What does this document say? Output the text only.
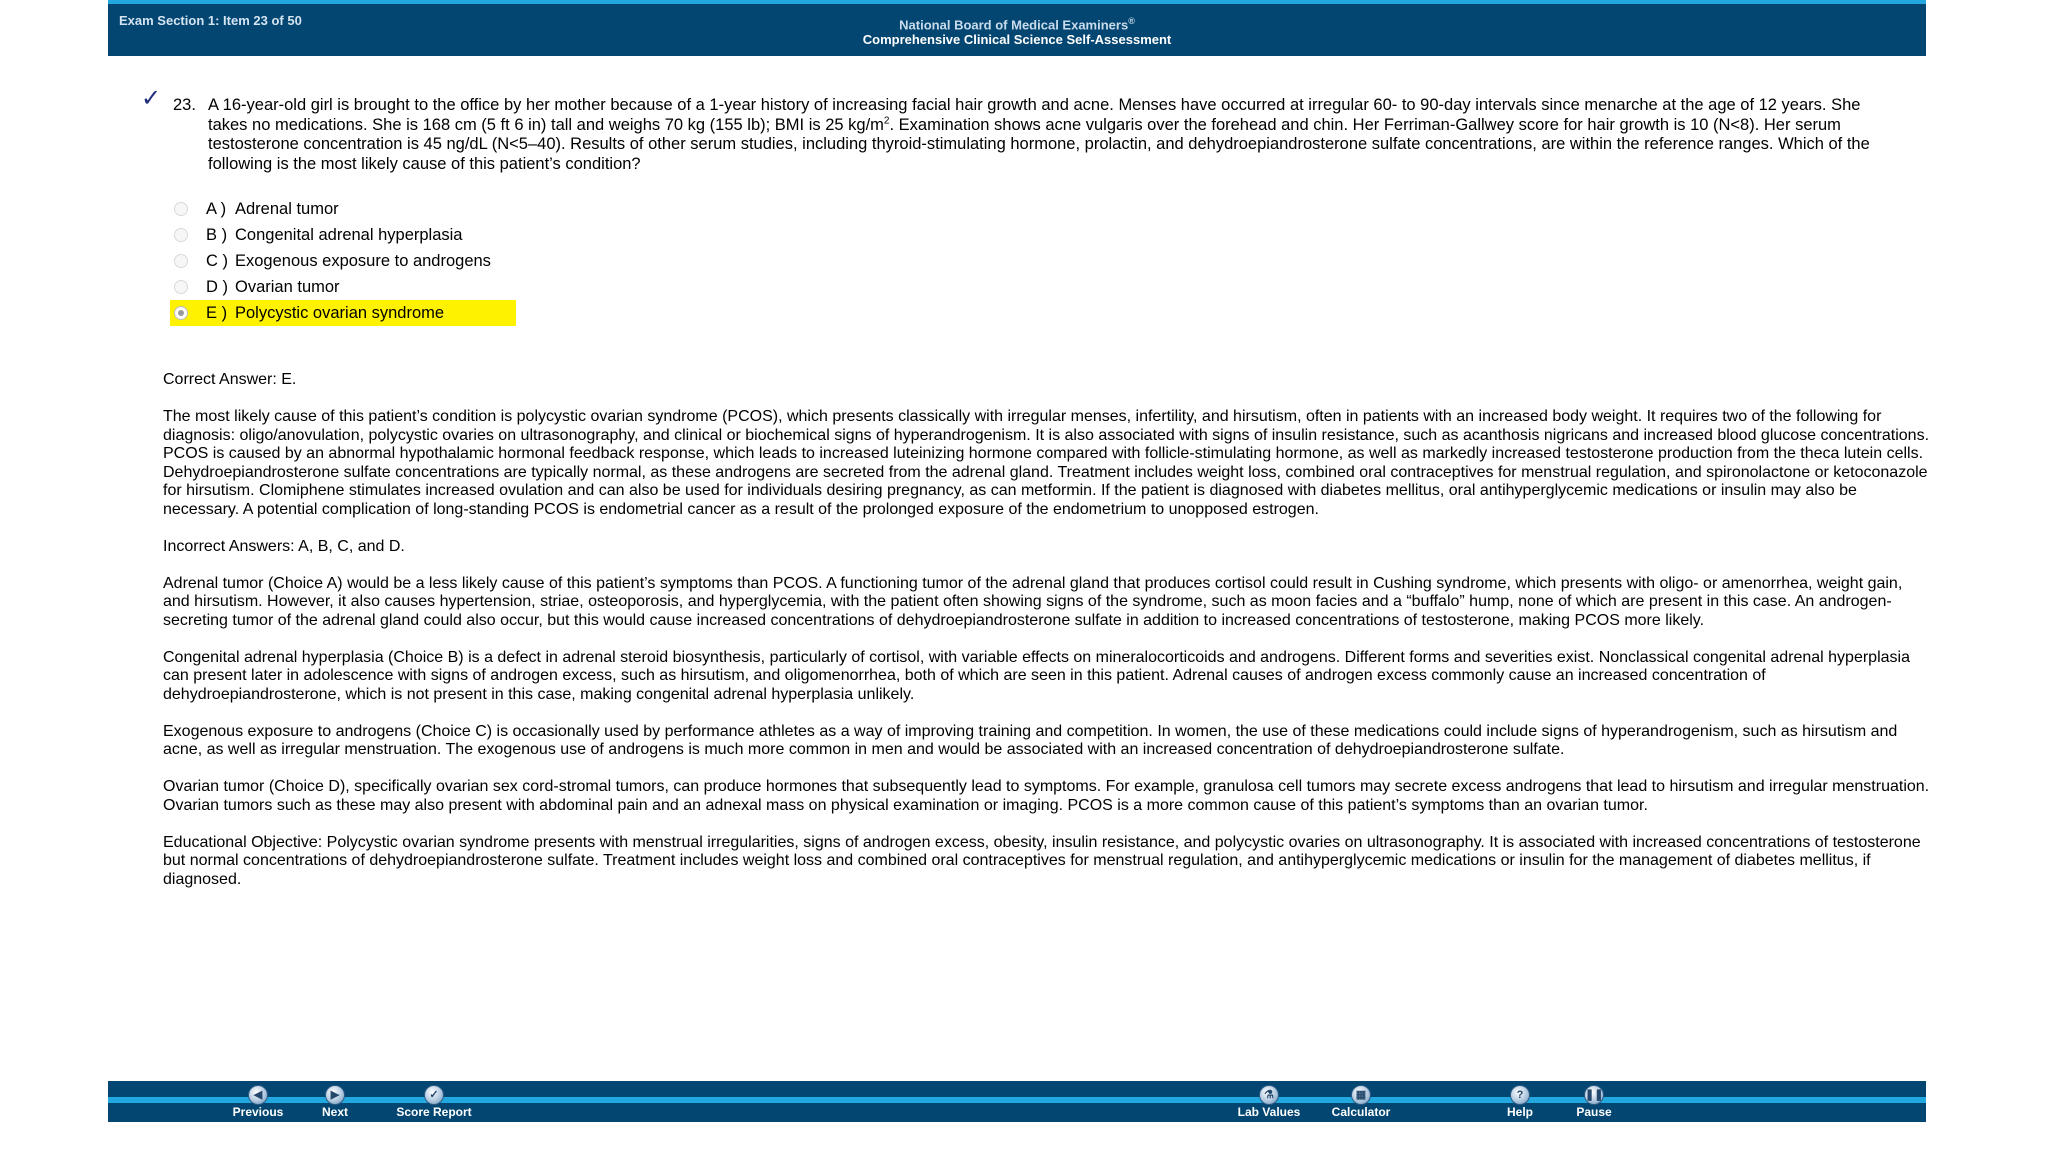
Exam Section 1: Item 23 of 50	National Board of Medical Examiners®
Comprehensive Clinical Science Self-Assessment
✓ 23. A 16-year-old girl is brought to the office by her mother because of a 1-year history of increasing facial hair growth and acne. Menses have occurred at irregular 60- to 90-day intervals since menarche at the age of 12 years. She takes no medications. She is 168 cm (5 ft 6 in) tall and weighs 70 kg (155 lb); BMI is 25 $kg/m^2$. Examination shows acne vulgaris over the forehead and chin. Her Ferriman-Gallwey score for hair growth is 10 (N<8). Her serum testosterone concentration is 45 ng/dL (N<5–40). Results of other serum studies, including thyroid-stimulating hormone, prolactin, and dehydroepiandrosterone sulfate concentrations, are within the reference ranges. Which of the following is the most likely cause of this patient’s condition?
A ) Adrenal tumor
B ) Congenital adrenal hyperplasia
C ) Exogenous exposure to androgens
D ) Ovarian tumor
E ) Polycystic ovarian syndrome

Correct Answer: E.

The most likely cause of this patient’s condition is polycystic ovarian syndrome (PCOS), which presents classically with irregular menses, infertility, and hirsutism, often in patients with an increased body weight. It requires two of the following for diagnosis: oligo/anovulation, polycystic ovaries on ultrasonography, and clinical or biochemical signs of hyperandrogenism. It is also associated with signs of insulin resistance, such as acanthosis nigricans and increased blood glucose concentrations. PCOS is caused by an abnormal hypothalamic hormonal feedback response, which leads to increased luteinizing hormone compared with follicle-stimulating hormone, as well as markedly increased testosterone production from the theca lutein cells. Dehydroepiandrosterone sulfate concentrations are typically normal, as these androgens are secreted from the adrenal gland. Treatment includes weight loss, combined oral contraceptives for menstrual regulation, and spironolactone or ketoconazole for hirsutism. Clomiphene stimulates increased ovulation and can also be used for individuals desiring pregnancy, as can metformin. If the patient is diagnosed with diabetes mellitus, oral antihyperglycemic medications or insulin may also be necessary. A potential complication of long-standing PCOS is endometrial cancer as a result of the prolonged exposure of the endometrium to unopposed estrogen.

Incorrect Answers: A, B, C, and D.

Adrenal tumor (Choice A) would be a less likely cause of this patient’s symptoms than PCOS. A functioning tumor of the adrenal gland that produces cortisol could result in Cushing syndrome, which presents with oligo- or amenorrhea, weight gain, and hirsutism. However, it also causes hypertension, striae, osteoporosis, and hyperglycemia, with the patient often showing signs of the syndrome, such as moon facies and a “buffalo” hump, none of which are present in this case. An androgen-secreting tumor of the adrenal gland could also occur, but this would cause increased concentrations of dehydroepiandrosterone sulfate in addition to increased concentrations of testosterone, making PCOS more likely.

Congenital adrenal hyperplasia (Choice B) is a defect in adrenal steroid biosynthesis, particularly of cortisol, with variable effects on mineralocorticoids and androgens. Different forms and severities exist. Nonclassical congenital adrenal hyperplasia can present later in adolescence with signs of androgen excess, such as hirsutism, and oligomenorrhea, both of which are seen in this patient. Adrenal causes of androgen excess commonly cause an increased concentration of dehydroepiandrosterone, which is not present in this case, making congenital adrenal hyperplasia unlikely.

Exogenous exposure to androgens (Choice C) is occasionally used by performance athletes as a way of improving training and competition. In women, the use of these medications could include signs of hyperandrogenism, such as hirsutism and acne, as well as irregular menstruation. The exogenous use of androgens is much more common in men and would be associated with an increased concentration of dehydroepiandrosterone sulfate.

Ovarian tumor (Choice D), specifically ovarian sex cord-stromal tumors, can produce hormones that subsequently lead to symptoms. For example, granulosa cell tumors may secrete excess androgens that lead to hirsutism and irregular menstruation. Ovarian tumors such as these may also present with abdominal pain and an adnexal mass on physical examination or imaging. PCOS is a more common cause of this patient’s symptoms than an ovarian tumor.

Educational Objective: Polycystic ovarian syndrome presents with menstrual irregularities, signs of androgen excess, obesity, insulin resistance, and polycystic ovaries on ultrasonography. It is associated with increased concentrations of testosterone but normal concentrations of dehydroepiandrosterone sulfate. Treatment includes weight loss and combined oral contraceptives for menstrual regulation, and antihyperglycemic medications or insulin for the management of diabetes mellitus, if diagnosed.

◀
Previous
▶
Next
✓
Score Report
⚗
Lab Values
▦
Calculator
?
Help
❚❚
Pause
